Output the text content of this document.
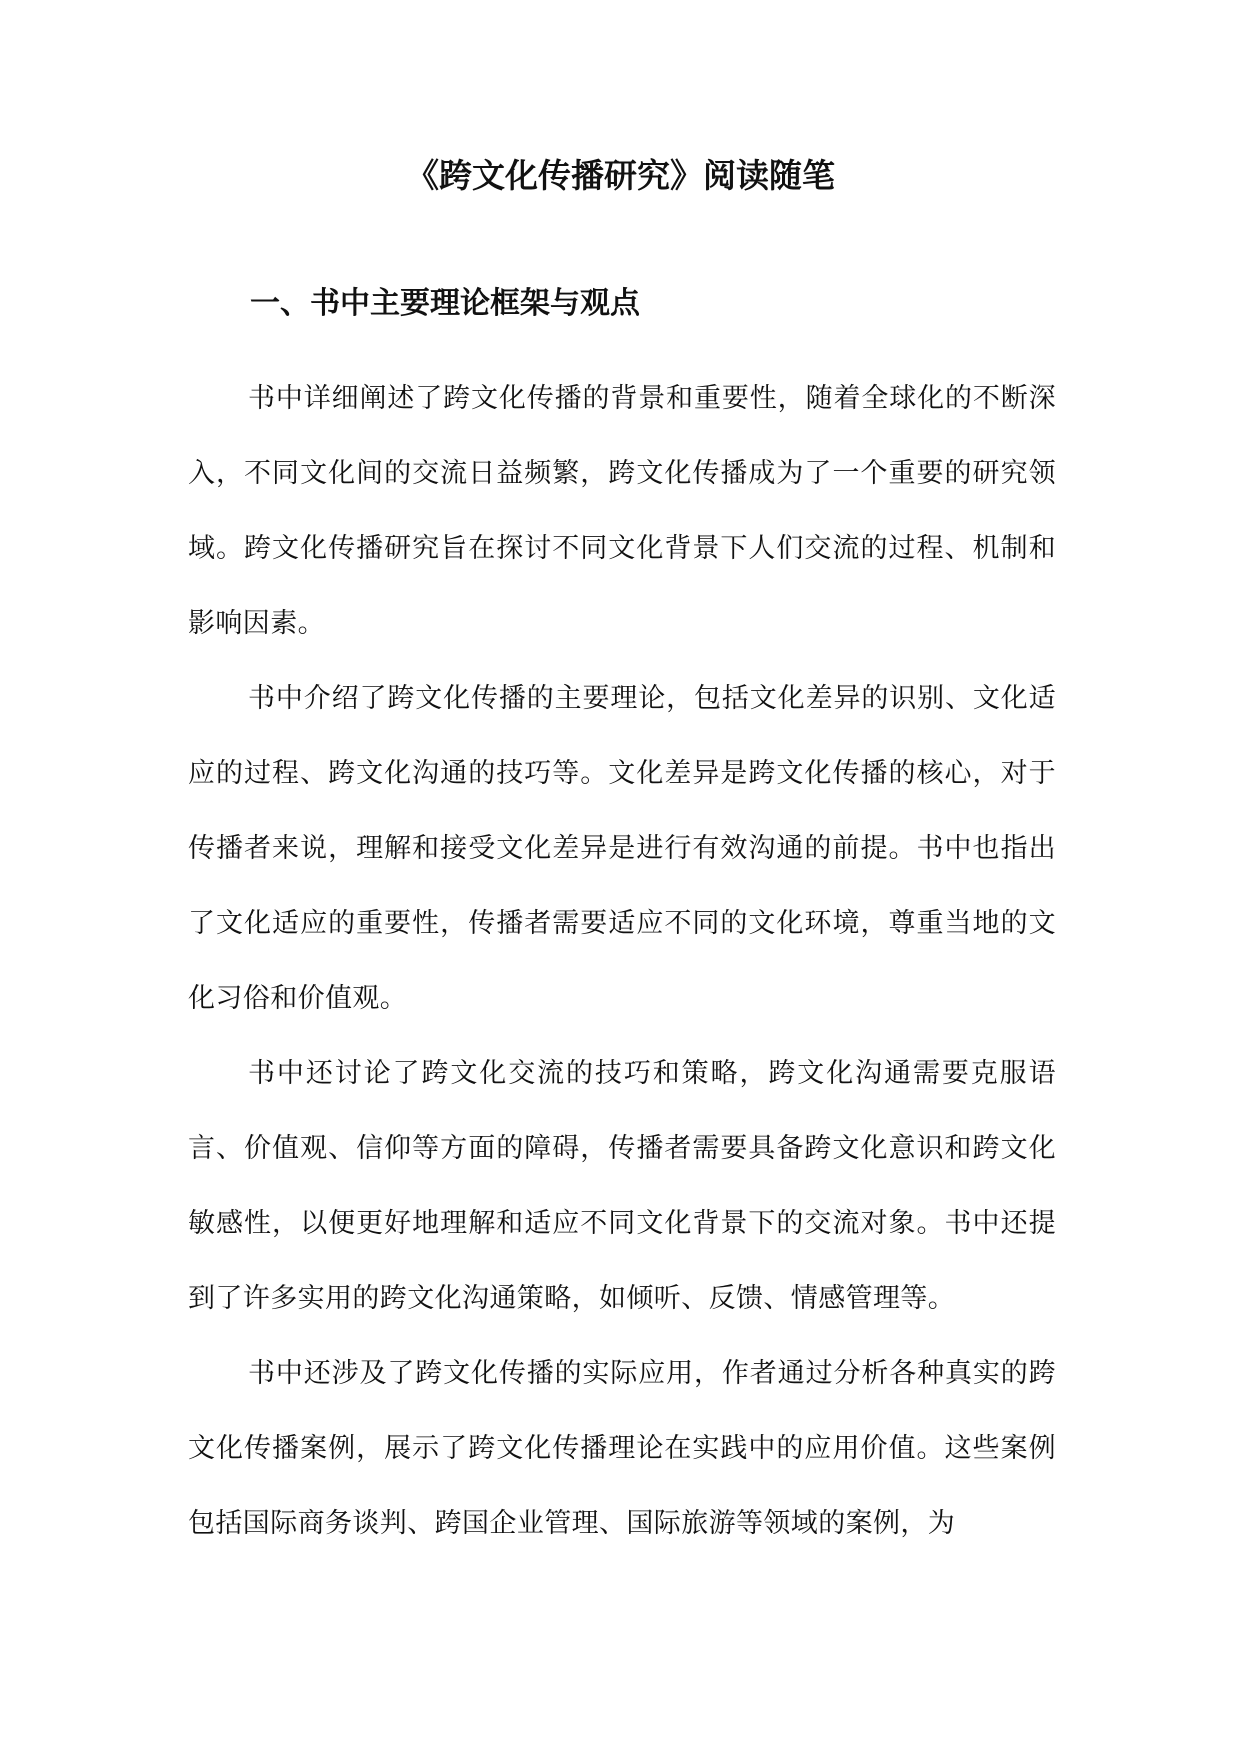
《跨文化传播研究》阅读随笔
一、书中主要理论框架与观点

书中详细阐述了跨文化传播的背景和重要性，随着全球化的不断深入，不同文化间的交流日益频繁，跨文化传播成为了一个重要的研究领域。跨文化传播研究旨在探讨不同文化背景下人们交流的过程、机制和影响因素。

书中介绍了跨文化传播的主要理论，包括文化差异的识别、文化适应的过程、跨文化沟通的技巧等。文化差异是跨文化传播的核心，对于传播者来说，理解和接受文化差异是进行有效沟通的前提。书中也指出了文化适应的重要性，传播者需要适应不同的文化环境，尊重当地的文化习俗和价值观。

书中还讨论了跨文化交流的技巧和策略，跨文化沟通需要克服语言、价值观、信仰等方面的障碍，传播者需要具备跨文化意识和跨文化敏感性，以便更好地理解和适应不同文化背景下的交流对象。书中还提到了许多实用的跨文化沟通策略，如倾听、反馈、情感管理等。

书中还涉及了跨文化传播的实际应用，作者通过分析各种真实的跨文化传播案例，展示了跨文化传播理论在实践中的应用价值。这些案例包括国际商务谈判、跨国企业管理、国际旅游等领域的案例，为
